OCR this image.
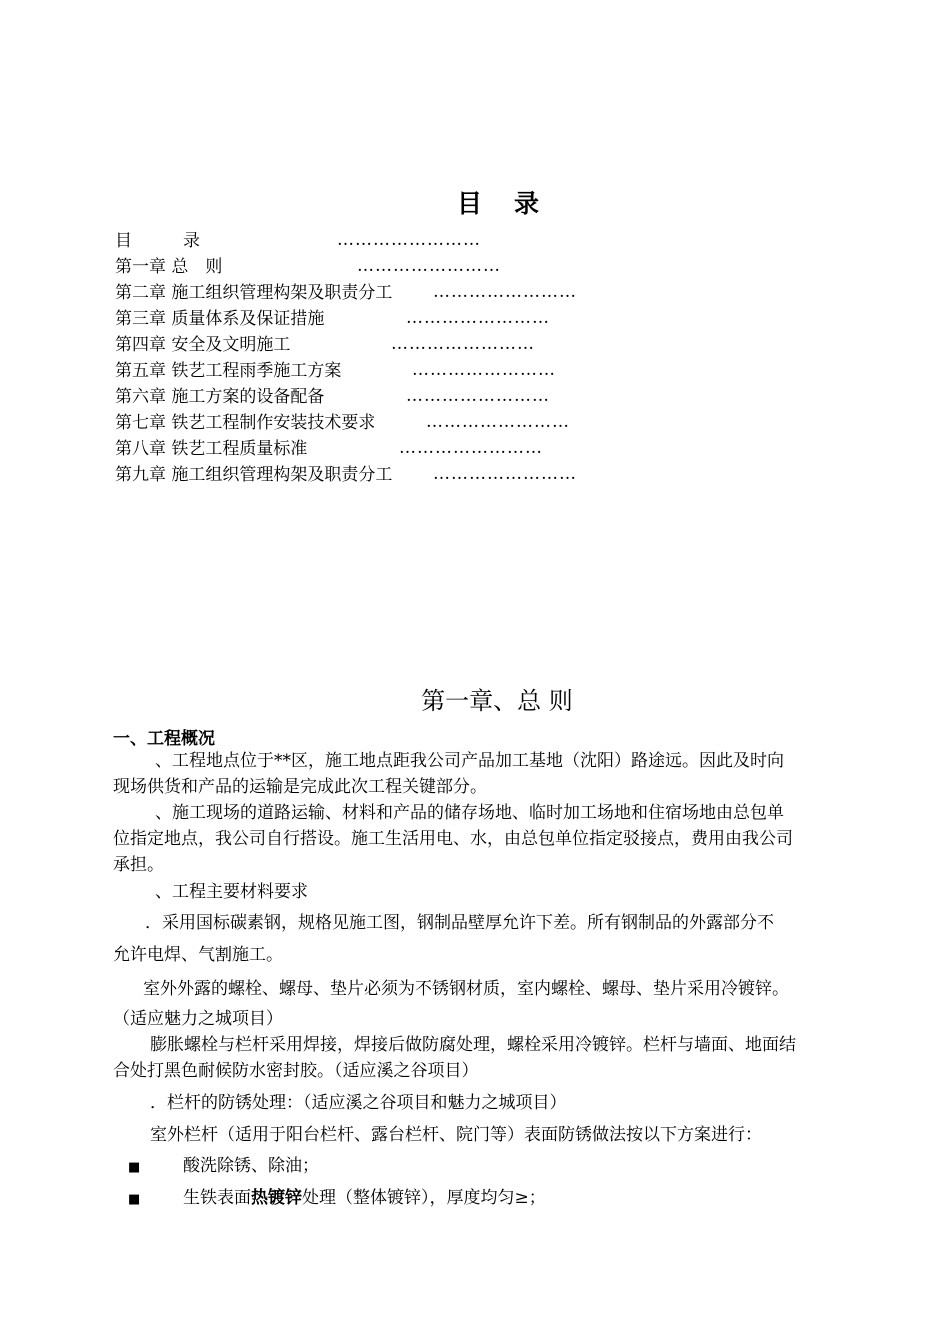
目 录
目　　　录	……………………
第一章 总　则	……………………
第二章 施工组织管理构架及职责分工 ……………………
第三章 质量体系及保证措施	……………………
第四章 安全及文明施工	……………………
第五章 铁艺工程雨季施工方案	……………………
第六章 施工方案的设备配备	……………………
第七章 铁艺工程制作安装技术要求	……………………
第八章 铁艺工程质量标准	……………………
第九章 施工组织管理构架及职责分工 ……………………
第一章、总 则
一、工程概况
、工程地点位于**区，施工地点距我公司产品加工基地（沈阳）路途远。因此及时向
现场供货和产品的运输是完成此次工程关键部分。
、施工现场的道路运输、材料和产品的储存场地、临时加工场地和住宿场地由总包单
位指定地点，我公司自行搭设。施工生活用电、水，由总包单位指定驳接点，费用由我公司
承担。
、工程主要材料要求
．采用国标碳素钢，规格见施工图，钢制品壁厚允许下差。所有钢制品的外露部分不
允许电焊、气割施工。
室外外露的螺栓、螺母、垫片必须为不锈钢材质，室内螺栓、螺母、垫片采用冷镀锌。
（适应魅力之城项目）
膨胀螺栓与栏杆采用焊接，焊接后做防腐处理，螺栓采用冷镀锌。栏杆与墙面、地面结
合处打黑色耐候防水密封胶。（适应溪之谷项目）
．栏杆的防锈处理：（适应溪之谷项目和魅力之城项目）
室外栏杆（适用于阳台栏杆、露台栏杆、院门等）表面防锈做法按以下方案进行：
■	酸洗除锈、除油；
■	生铁表面热镀锌处理（整体镀锌），厚度均匀≥；
